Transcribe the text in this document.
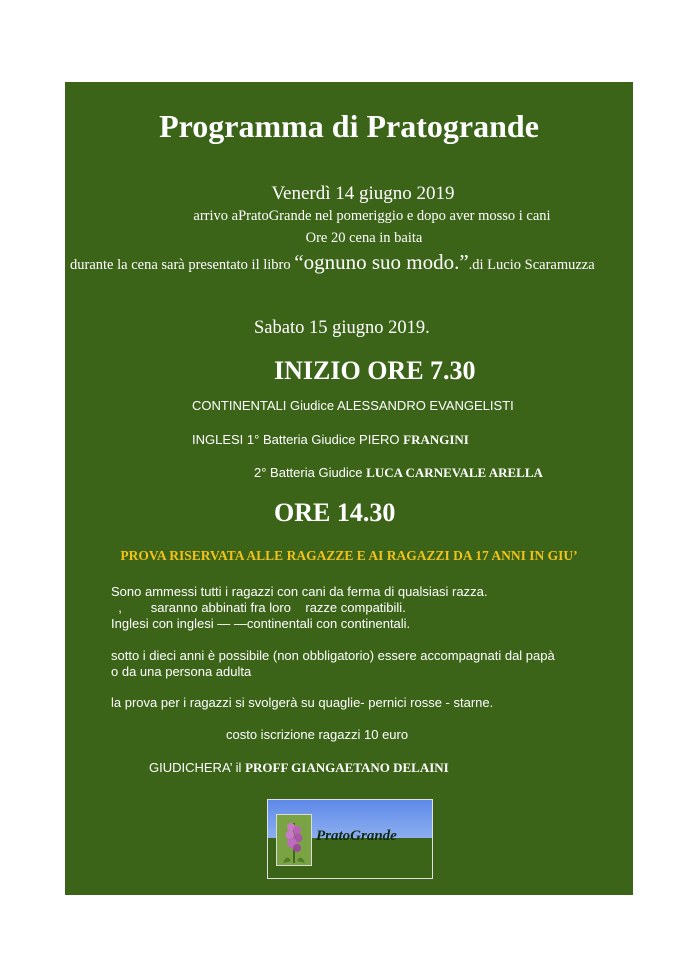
Programma di Pratogrande
Venerdì 14 giugno 2019
arrivo aPratoGrande nel pomeriggio e dopo aver mosso i cani
Ore 20 cena in baita
durante la cena sarà presentato il libro “ognuno suo modo.”.di Lucio Scaramuzza
Sabato 15 giugno 2019.
INIZIO ORE 7.30
CONTINENTALI Giudice ALESSANDRO EVANGELISTI
INGLESI 1° Batteria Giudice PIERO FRANGINI
2° Batteria Giudice LUCA CARNEVALE ARELLA
ORE 14.30
PROVA RISERVATA ALLE RAGAZZE E AI RAGAZZI DA 17 ANNI IN GIU’
Sono ammessi tutti i ragazzi con cani da ferma di qualsiasi razza.
,        saranno abbinati fra loro    razze compatibili.
Inglesi con inglesi — —continentali con continentali.
sotto i dieci anni è possibile (non obbligatorio) essere accompagnati dal papà
o da una persona adulta
la prova per i ragazzi si svolgerà su quaglie- pernici rosse - starne.
costo iscrizione ragazzi 10 euro
GIUDICHERA’ il PROFF GIANGAETANO DELAINI
PratoGrande
